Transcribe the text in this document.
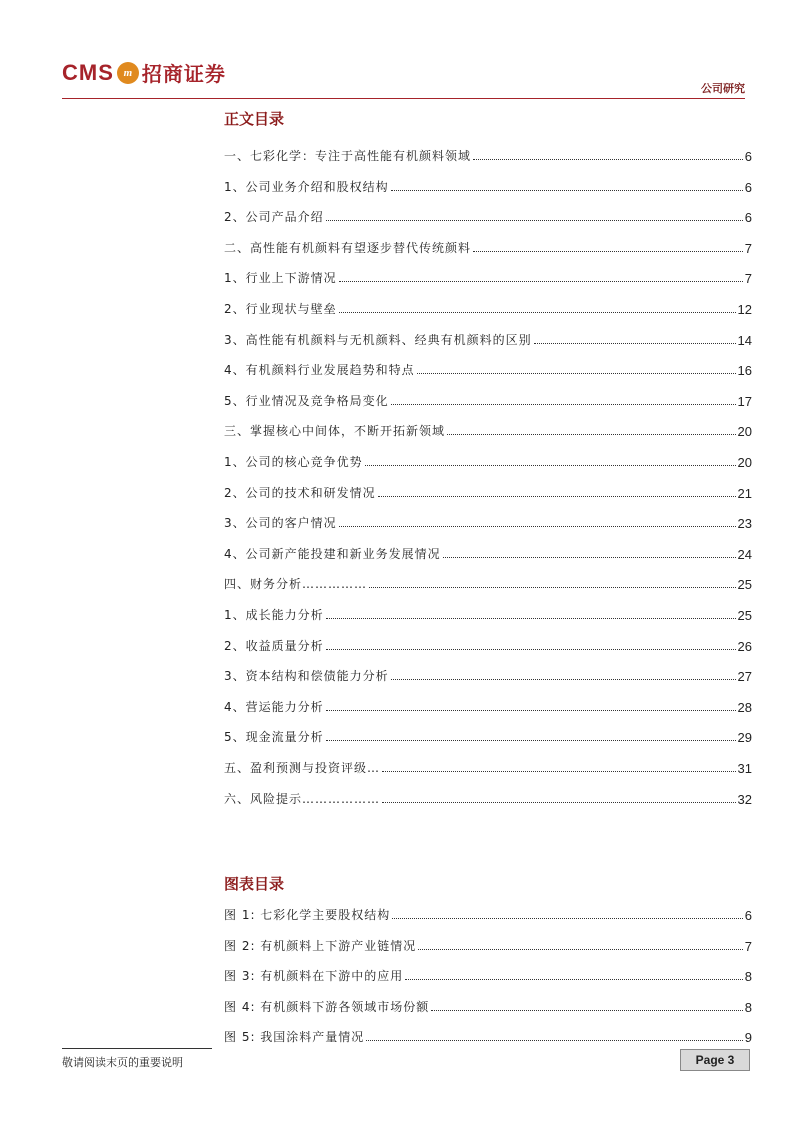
CMS m 招商证券
公司研究
正文目录
一、七彩化学：专注于高性能有机颜料领域	6
1、公司业务介绍和股权结构	6
2、公司产品介绍	6
二、高性能有机颜料有望逐步替代传统颜料	7
1、行业上下游情况	7
2、行业现状与壁垒	12
3、高性能有机颜料与无机颜料、经典有机颜料的区别	14
4、有机颜料行业发展趋势和特点	16
5、行业情况及竞争格局变化	17
三、掌握核心中间体，不断开拓新领域	20
1、公司的核心竞争优势	20
2、公司的技术和研发情况	21
3、公司的客户情况	23
4、公司新产能投建和新业务发展情况	24
四、财务分析……………	25
1、成长能力分析	25
2、收益质量分析	26
3、资本结构和偿债能力分析	27
4、营运能力分析	28
5、现金流量分析	29
五、盈利预测与投资评级…	31
六、风险提示………………	32
图表目录
图 1: 七彩化学主要股权结构	6
图 2: 有机颜料上下游产业链情况	7
图 3: 有机颜料在下游中的应用	8
图 4: 有机颜料下游各领域市场份额	8
图 5: 我国涂料产量情况	9
敬请阅读末页的重要说明	Page 3
